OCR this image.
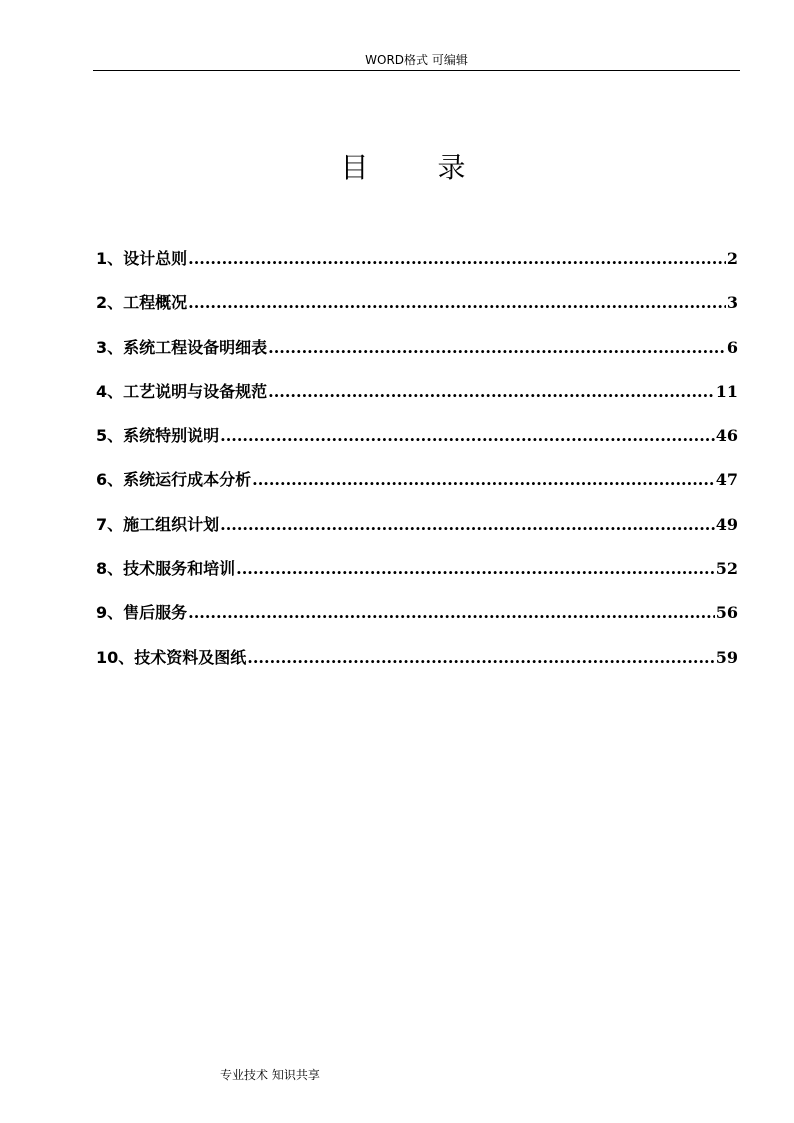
WORD格式 可编辑
目 录
1、设计总则 .....	2
2、工程概况 .....	3
3、系统工程设备明细表 .....	6
4、工艺说明与设备规范 .....	11
5、系统特别说明 .....	46
6、系统运行成本分析 .....	47
7、施工组织计划 .....	49
8、技术服务和培训 .....	52
9、售后服务 .....	56
10、技术资料及图纸 .....	59
专业技术 知识共享
